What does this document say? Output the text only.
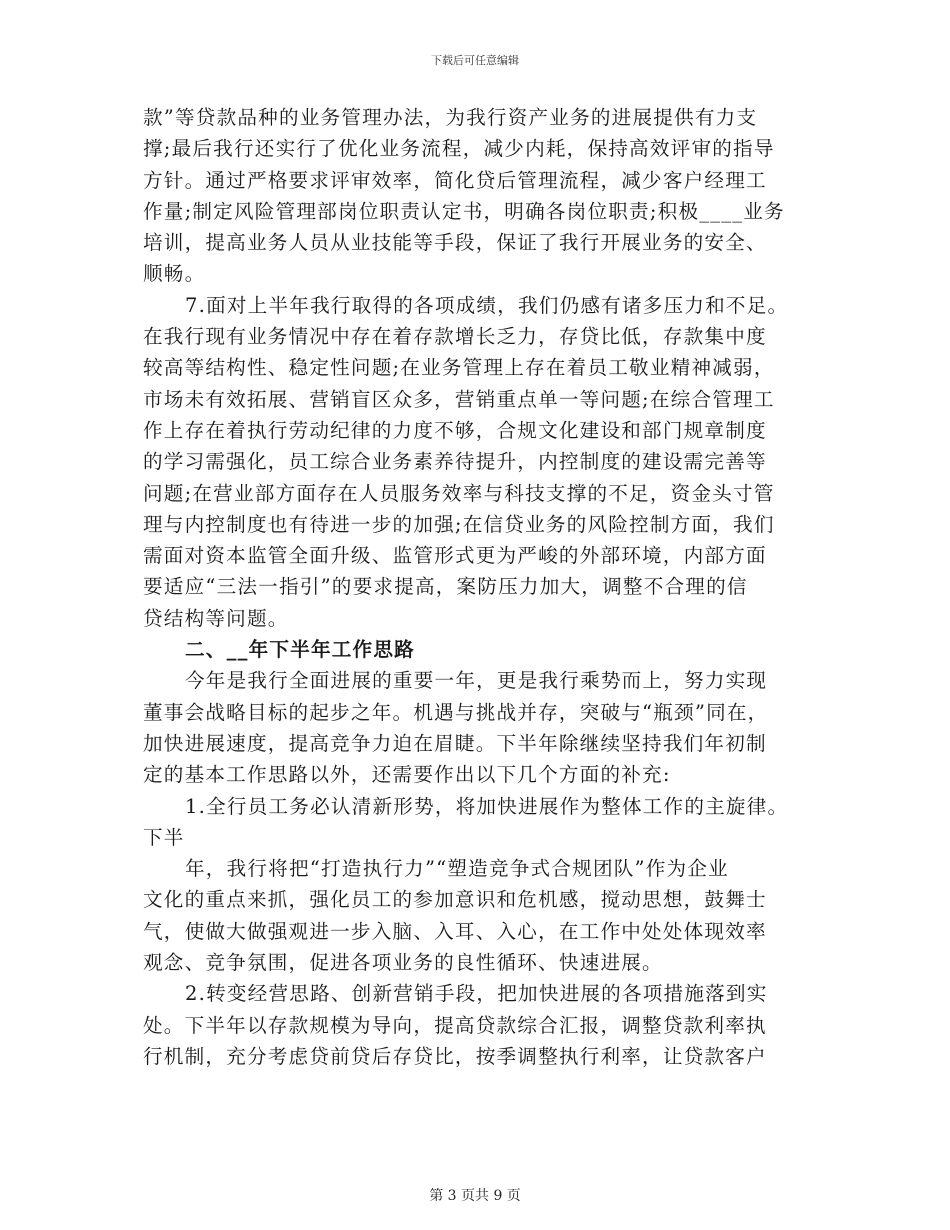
下载后可任意编辑
款”等贷款品种的业务管理办法，为我行资产业务的进展提供有力支
撑;最后我行还实行了优化业务流程，减少内耗，保持高效评审的指导
方针。通过严格要求评审效率，简化贷后管理流程，减少客户经理工
作量;制定风险管理部岗位职责认定书，明确各岗位职责;积极____业务
培训，提高业务人员从业技能等手段，保证了我行开展业务的安全、
顺畅。
7.面对上半年我行取得的各项成绩，我们仍感有诸多压力和不足。
在我行现有业务情况中存在着存款增长乏力，存贷比低，存款集中度
较高等结构性、稳定性问题;在业务管理上存在着员工敬业精神减弱，
市场未有效拓展、营销盲区众多，营销重点单一等问题;在综合管理工
作上存在着执行劳动纪律的力度不够，合规文化建设和部门规章制度
的学习需强化，员工综合业务素养待提升，内控制度的建设需完善等
问题;在营业部方面存在人员服务效率与科技支撑的不足，资金头寸管
理与内控制度也有待进一步的加强;在信贷业务的风险控制方面，我们
需面对资本监管全面升级、监管形式更为严峻的外部环境，内部方面
要适应“三法一指引”的要求提高，案防压力加大，调整不合理的信
贷结构等问题。
二、__年下半年工作思路
今年是我行全面进展的重要一年，更是我行乘势而上，努力实现
董事会战略目标的起步之年。机遇与挑战并存，突破与“瓶颈”同在，
加快进展速度，提高竞争力迫在眉睫。下半年除继续坚持我们年初制
定的基本工作思路以外，还需要作出以下几个方面的补充:
1.全行员工务必认清新形势，将加快进展作为整体工作的主旋律。
下半
年，我行将把“打造执行力”“塑造竞争式合规团队”作为企业
文化的重点来抓，强化员工的参加意识和危机感，搅动思想，鼓舞士
气，使做大做强观进一步入脑、入耳、入心，在工作中处处体现效率
观念、竞争氛围，促进各项业务的良性循环、快速进展。
2.转变经营思路、创新营销手段，把加快进展的各项措施落到实
处。下半年以存款规模为导向，提高贷款综合汇报，调整贷款利率执
行机制，充分考虑贷前贷后存贷比，按季调整执行利率，让贷款客户
第 3 页共 9 页
